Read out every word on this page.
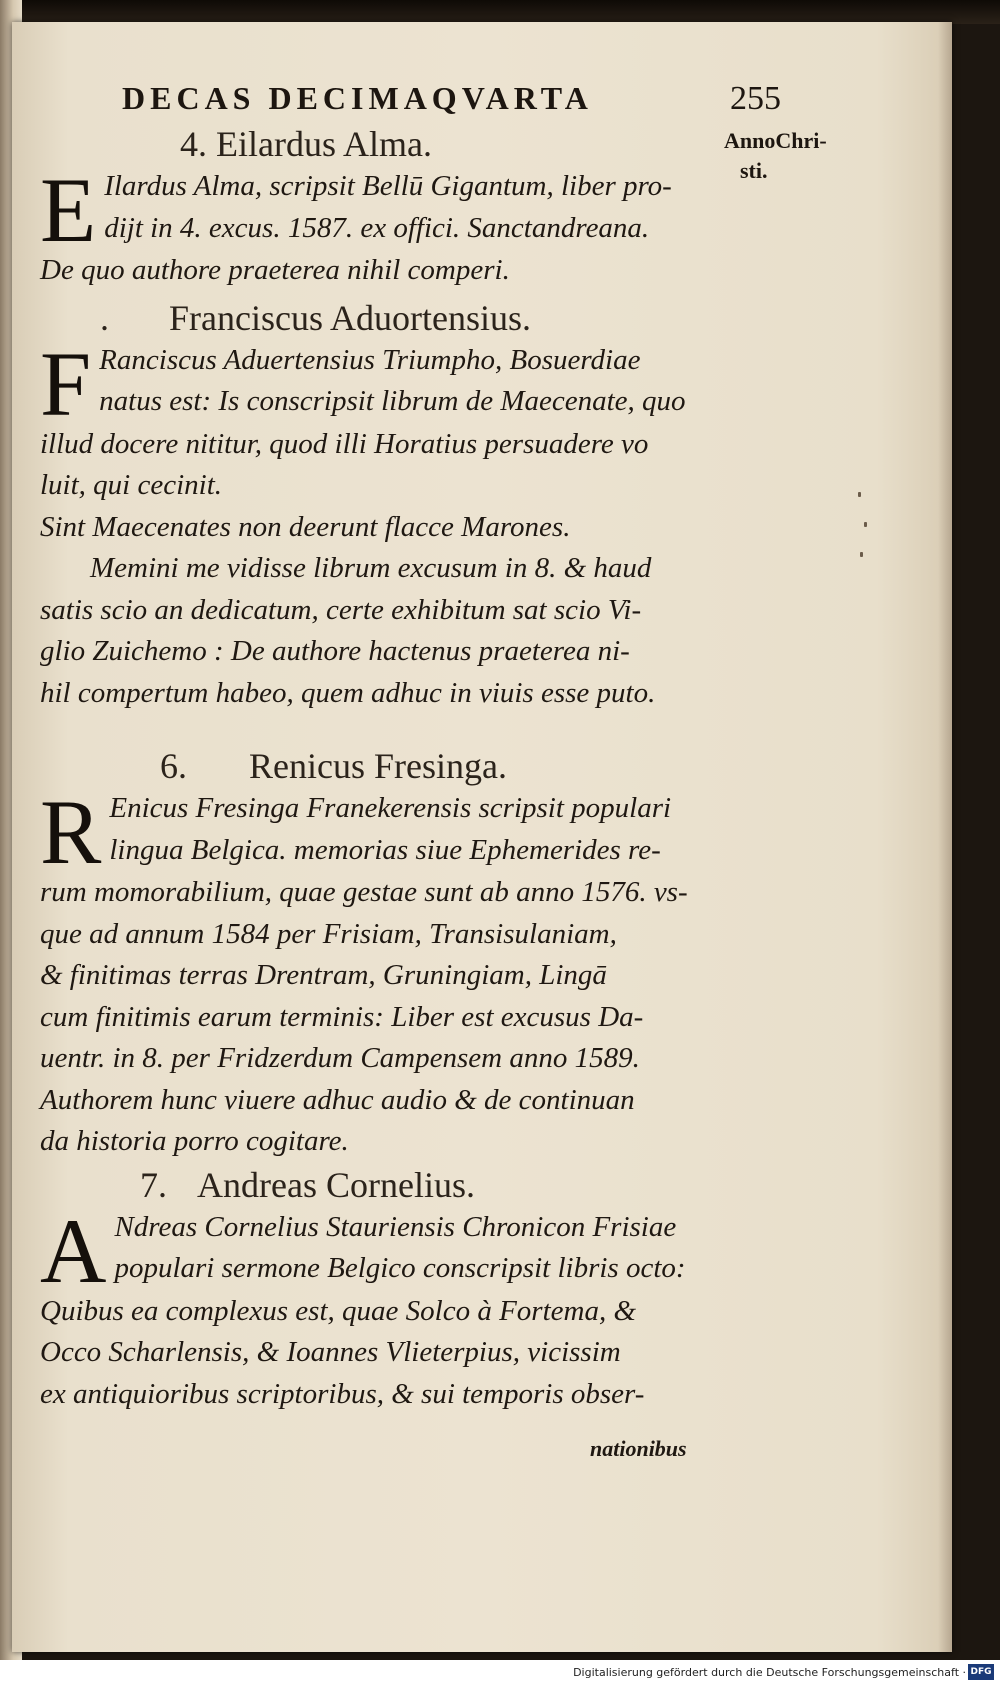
DECAS DECIMAQVARTA	255
AnnoChri-
sti.
4. Eilardus Alma.
E Ilardus Alma, scripsit Bellū Gigantum, liber pro-
dijt in 4. excus. 1587. ex offici. Sanctandreana.
De quo authore praeterea nihil comperi.
. Franciscus Aduortensius.
F Ranciscus Aduertensius Triumpho, Bosuerdiae
natus est: Is conscripsit librum de Maecenate, quo
illud docere nititur, quod illi Horatius persuadere vo
luit, qui cecinit.
Sint Maecenates non deerunt flacce Marones.
Memini me vidisse librum excusum in 8. & haud
satis scio an dedicatum, certe exhibitum sat scio Vi-
glio Zuichemo : De authore hactenus praeterea ni-
hil compertum habeo, quem adhuc in viuis esse puto.
6. Renicus Fresinga.
R Enicus Fresinga Franekerensis scripsit populari
lingua Belgica. memorias siue Ephemerides re-
rum momorabilium, quae gestae sunt ab anno 1576. vs-
que ad annum 1584 per Frisiam, Transisulaniam,
& finitimas terras Drentram, Gruningiam, Lingā
cum finitimis earum terminis: Liber est excusus Da-
uentr. in 8. per Fridzerdum Campensem anno 1589.
Authorem hunc viuere adhuc audio & de continuan
da historia porro cogitare.
7. Andreas Cornelius.
A Ndreas Cornelius Stauriensis Chronicon Frisiae
populari sermone Belgico conscripsit libris octo:
Quibus ea complexus est, quae Solco à Fortema, &
Occo Scharlensis, & Ioannes Vlieterpius, vicissim
ex antiquioribus scriptoribus, & sui temporis obser-
nationibus
Digitalisierung gefördert durch die Deutsche Forschungsgemeinschaft · DFG
